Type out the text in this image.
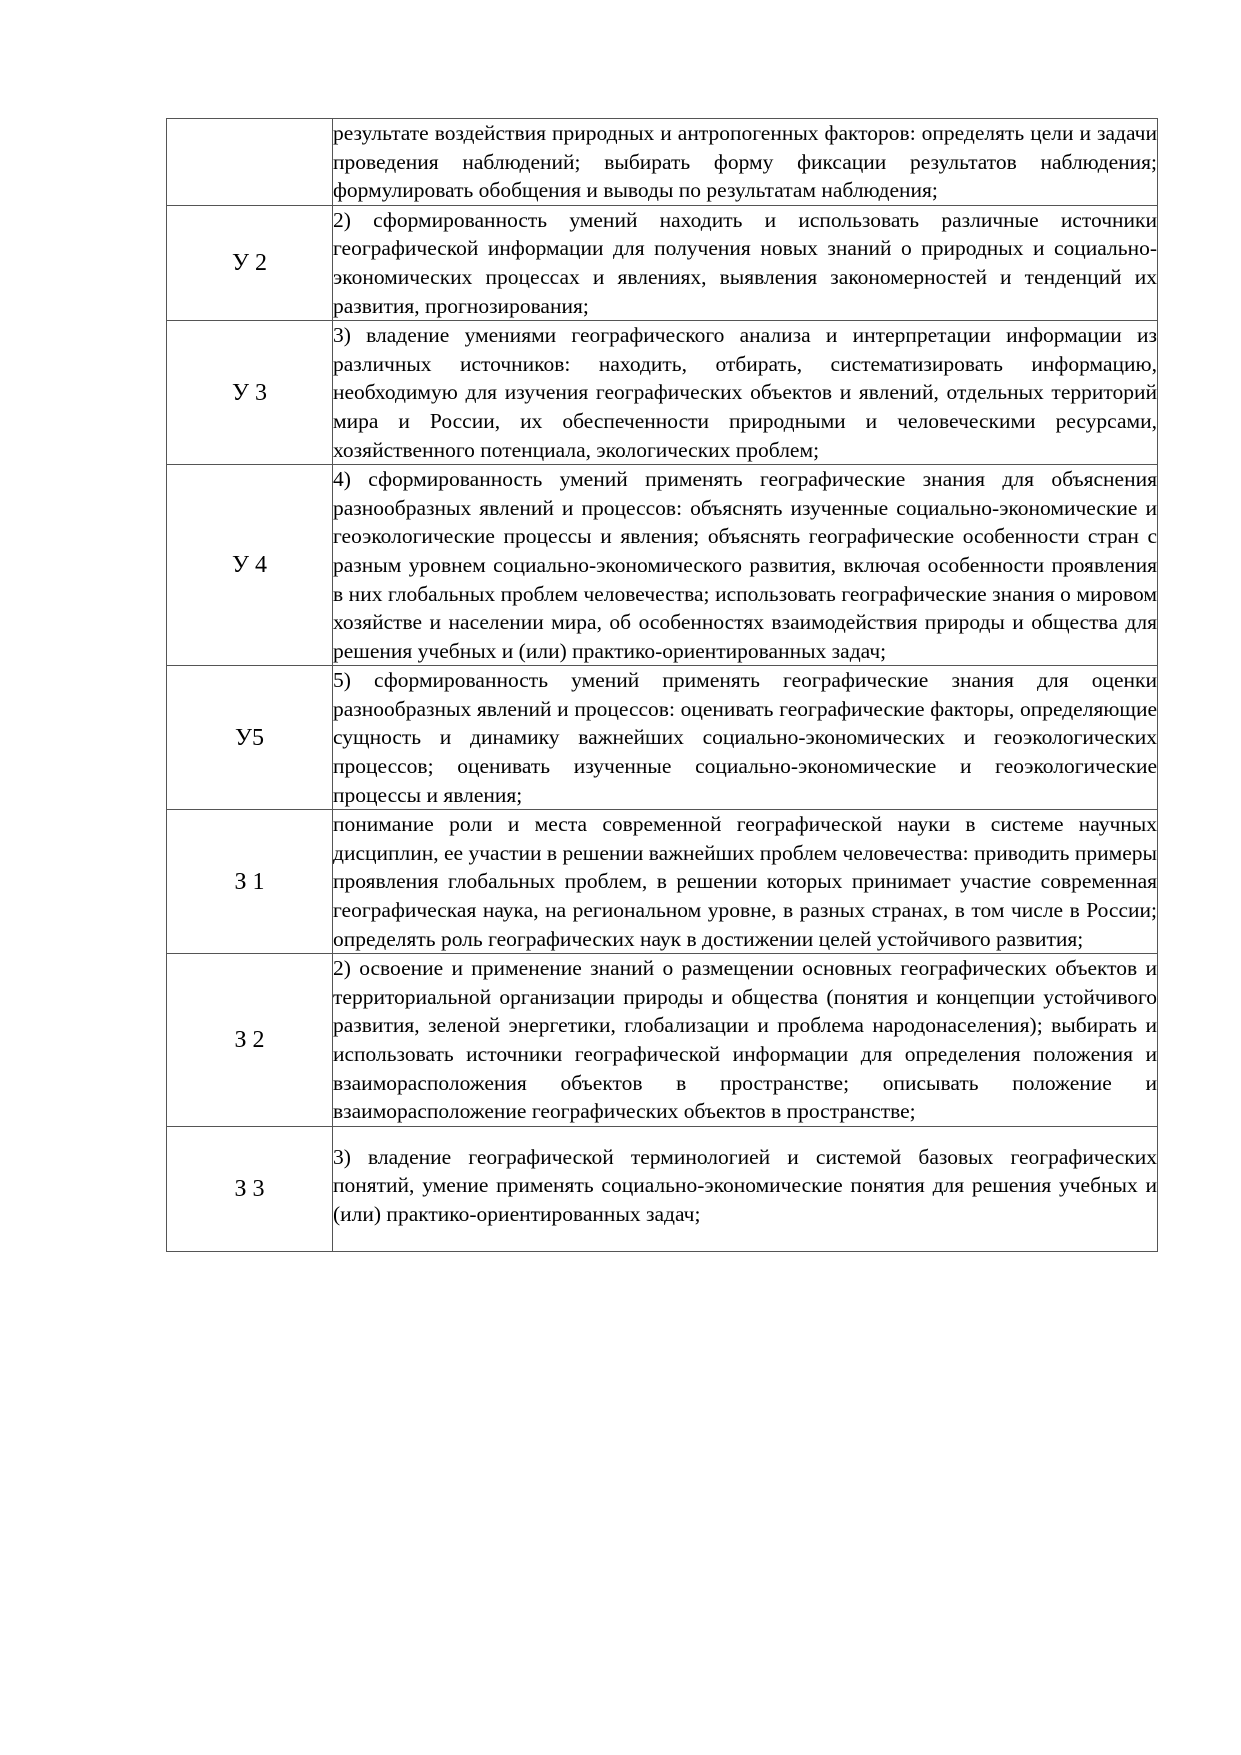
	результате воздействия природных и антропогенных факторов: определять цели и задачи проведения наблюдений; выбирать форму фиксации результатов наблюдения; формулировать обобщения и выводы по результатам наблюдения;
У 2	2) сформированность умений находить и использовать различные источники географической информации для получения новых знаний о природных и социально-экономических процессах и явлениях, выявления закономерностей и тенденций их развития, прогнозирования;
У 3	3) владение умениями географического анализа и интерпретации информации из различных источников: находить, отбирать, систематизировать информацию, необходимую для изучения географических объектов и явлений, отдельных территорий мира и России, их обеспеченности природными и человеческими ресурсами, хозяйственного потенциала, экологических проблем;
У 4	4) сформированность умений применять географические знания для объяснения разнообразных явлений и процессов: объяснять изученные социально-экономические и геоэкологические процессы и явления; объяснять географические особенности стран с разным уровнем социально-экономического развития, включая особенности проявления в них глобальных проблем человечества; использовать географические знания о мировом хозяйстве и населении мира, об особенностях взаимодействия природы и общества для решения учебных и (или) практико-ориентированных задач;
У5	5) сформированность умений применять географические знания для оценки разнообразных явлений и процессов: оценивать географические факторы, определяющие сущность и динамику важнейших социально-экономических и геоэкологических процессов; оценивать изученные социально-экономические и геоэкологические процессы и явления;
З 1	понимание роли и места современной географической науки в системе научных дисциплин, ее участии в решении важнейших проблем человечества: приводить примеры проявления глобальных проблем, в решении которых принимает участие современная географическая наука, на региональном уровне, в разных странах, в том числе в России; определять роль географических наук в достижении целей устойчивого развития;
З 2	2) освоение и применение знаний о размещении основных географических объектов и территориальной организации природы и общества (понятия и концепции устойчивого развития, зеленой энергетики, глобализации и проблема народонаселения); выбирать и использовать источники географической информации для определения положения и взаиморасположения объектов в пространстве; описывать положение и взаиморасположение географических объектов в пространстве;
З 3	3) владение географической терминологией и системой базовых географических понятий, умение применять социально-экономические понятия для решения учебных и (или) практико-ориентированных задач;
